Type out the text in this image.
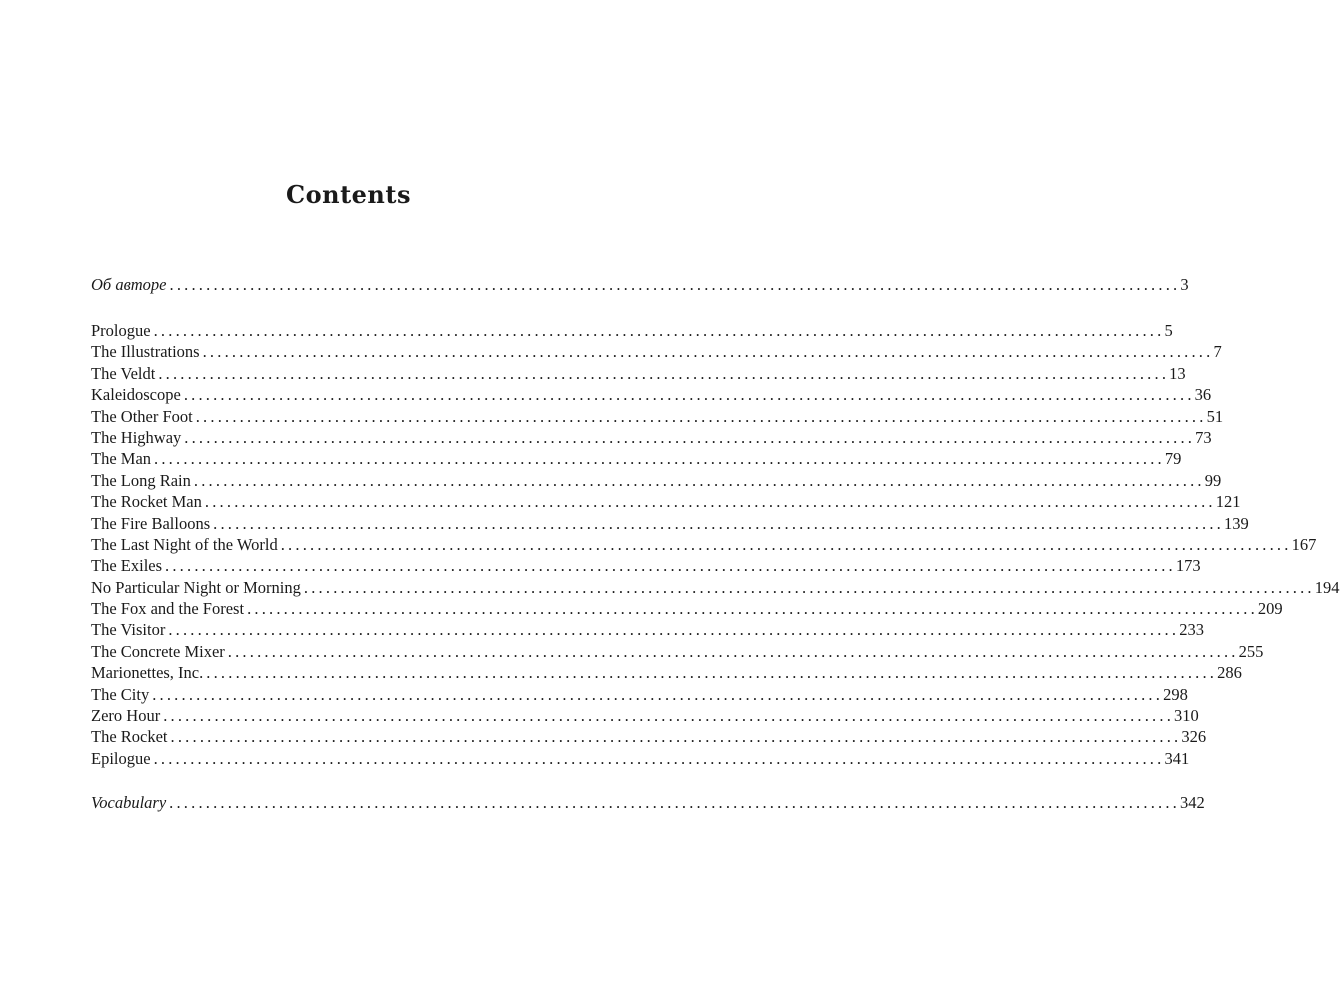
Contents
Об авторе .......................................................................................................................................... 3
Prologue .......................................................................................................................................... 5
The Illustrations .......................................................................................................................................... 7
The Veldt .......................................................................................................................................... 13
Kaleidoscope .......................................................................................................................................... 36
The Other Foot .......................................................................................................................................... 51
The Highway .......................................................................................................................................... 73
The Man .......................................................................................................................................... 79
The Long Rain .......................................................................................................................................... 99
The Rocket Man .......................................................................................................................................... 121
The Fire Balloons .......................................................................................................................................... 139
The Last Night of the World .......................................................................................................................................... 167
The Exiles .......................................................................................................................................... 173
No Particular Night or Morning .......................................................................................................................................... 194
The Fox and the Forest .......................................................................................................................................... 209
The Visitor .......................................................................................................................................... 233
The Concrete Mixer .......................................................................................................................................... 255
Marionettes, Inc. .......................................................................................................................................... 286
The City .......................................................................................................................................... 298
Zero Hour .......................................................................................................................................... 310
The Rocket .......................................................................................................................................... 326
Epilogue .......................................................................................................................................... 341
Vocabulary .......................................................................................................................................... 342
